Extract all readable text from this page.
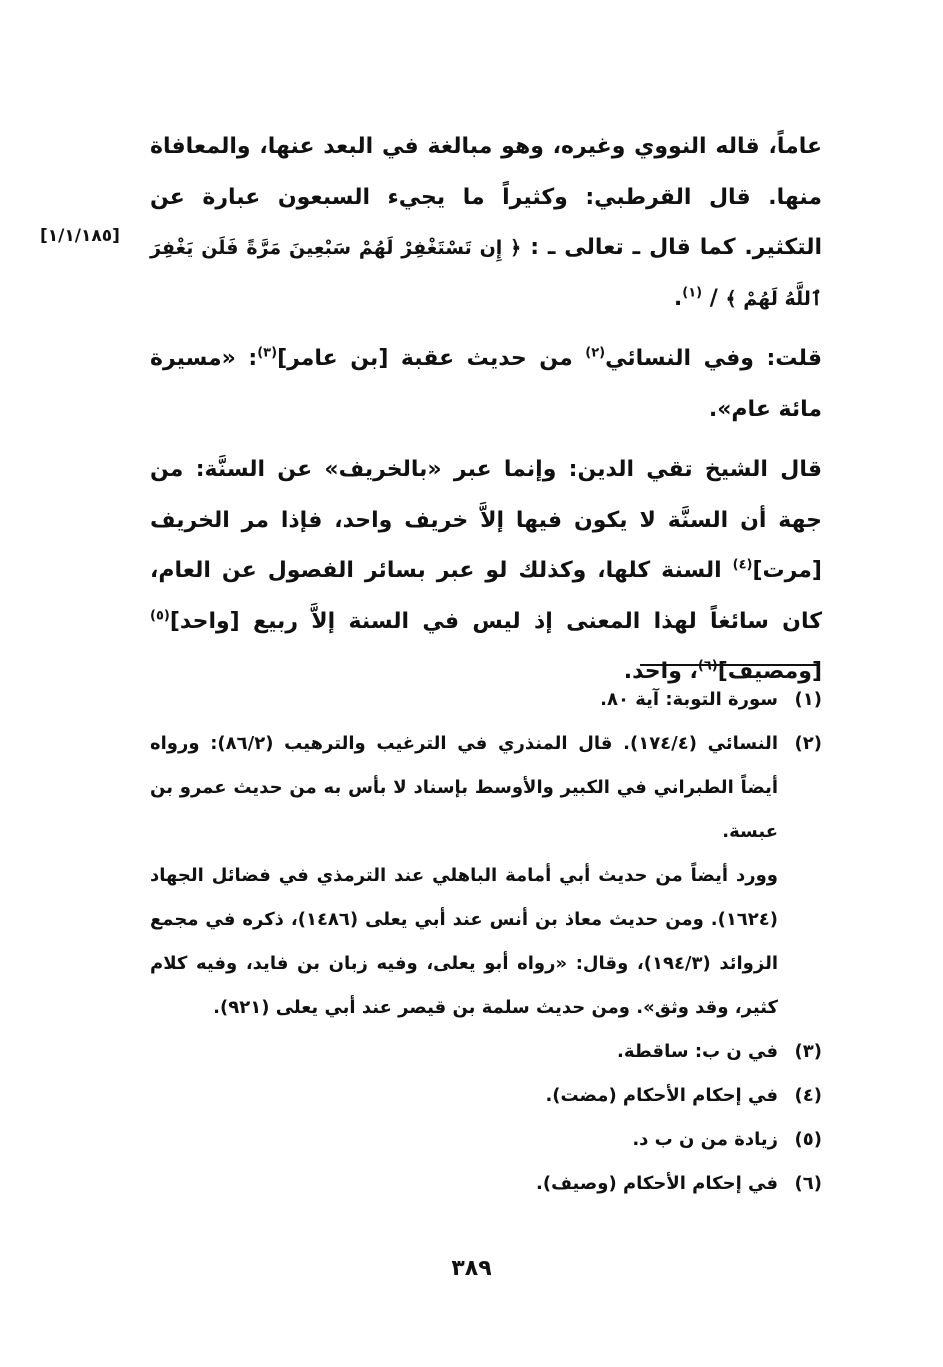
[١/١/١٨٥]

عاماً، قاله النووي وغيره، وهو مبالغة في البعد عنها، والمعافاة منها. قال القرطبي: وكثيراً ما يجيء السبعون عبارة عن التكثير. كما قال ـ تعالى ـ : ﴿ إِن تَسْتَغْفِرْ لَهُمْ سَبْعِينَ مَرَّةً فَلَن يَغْفِرَ ٱللَّهُ لَهُمْ ﴾ / $^{(١)}$.

قلت: وفي النسائي$^{(٢)}$ من حديث عقبة [بن عامر]$^{(٣)}$: «مسيرة مائة عام».

قال الشيخ تقي الدين: وإنما عبر «بالخريف» عن السنَّة: من جهة أن السنَّة لا يكون فيها إلاَّ خريف واحد، فإذا مر الخريف [مرت]$^{(٤)}$ السنة كلها، وكذلك لو عبر بسائر الفصول عن العام، كان سائغاً لهذا المعنى إذ ليس في السنة إلاَّ ربيع [واحد]$^{(٥)}$ [ومصيف]$^{(٦)}$، واحد.

(١)
سورة التوبة: آية ٨٠.
(٢)
النسائي (١٧٤/٤). قال المنذري في الترغيب والترهيب (٨٦/٢): ورواه أيضاً الطبراني في الكبير والأوسط بإسناد لا بأس به من حديث عمرو بن عبسة.
وورد أيضاً من حديث أبي أمامة الباهلي عند الترمذي في فضائل الجهاد (١٦٢٤). ومن حديث معاذ بن أنس عند أبي يعلى (١٤٨٦)، ذكره في مجمع الزوائد (١٩٤/٣)، وقال: «رواه أبو يعلى، وفيه زبان بن فايد، وفيه كلام كثير، وقد وثق». ومن حديث سلمة بن قيصر عند أبي يعلى (٩٢١).
(٣)
في ن ب: ساقطة.
(٤)
في إحكام الأحكام (مضت).
(٥)
زيادة من ن ب د.
(٦)
في إحكام الأحكام (وصيف).
٣٨٩
